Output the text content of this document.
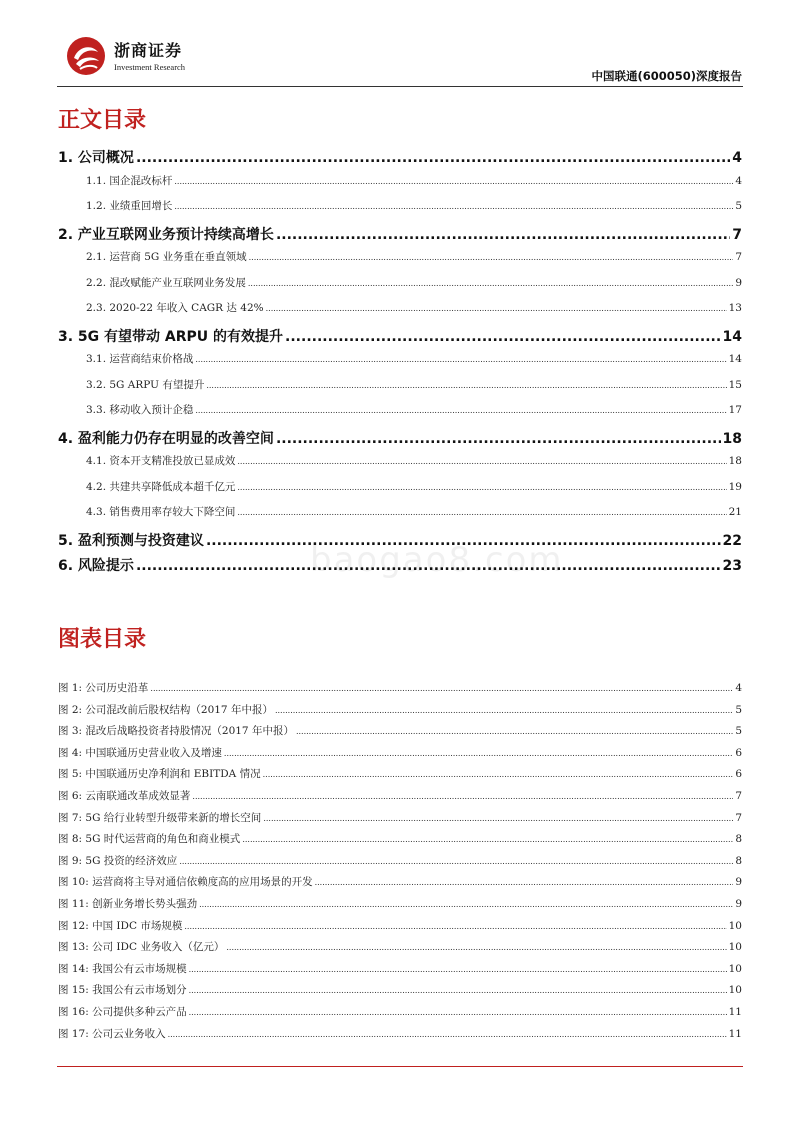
浙商证券
Investment Research
中国联通(600050)深度报告
正文目录
1. 公司概况 .....	4
1.1. 国企混改标杆 .....	4
1.2. 业绩重回增长 .....	5
2. 产业互联网业务预计持续高增长 .....	7
2.1. 运营商 5G 业务重在垂直领域 .....	7
2.2. 混改赋能产业互联网业务发展 .....	9
2.3. 2020-22 年收入 CAGR 达 42% .....	13
3. 5G 有望带动 ARPU 的有效提升 .....	14
3.1. 运营商结束价格战 .....	14
3.2. 5G ARPU 有望提升 .....	15
3.3. 移动收入预计企稳 .....	17
4. 盈利能力仍存在明显的改善空间 .....	18
4.1. 资本开支精准投放已显成效 .....	18
4.2. 共建共享降低成本超千亿元 .....	19
4.3. 销售费用率存较大下降空间 .....	21
5. 盈利预测与投资建议 .....	22
6. 风险提示 .....	23
baogao8.com
图表目录
图 1: 公司历史沿革 .....	4
图 2: 公司混改前后股权结构（2017 年中报） .....	5
图 3: 混改后战略投资者持股情况（2017 年中报） .....	5
图 4: 中国联通历史营业收入及增速 .....	6
图 5: 中国联通历史净利润和 EBITDA 情况 .....	6
图 6: 云南联通改革成效显著 .....	7
图 7: 5G 给行业转型升级带来新的增长空间 .....	7
图 8: 5G 时代运营商的角色和商业模式 .....	8
图 9: 5G 投资的经济效应 .....	8
图 10: 运营商将主导对通信依赖度高的应用场景的开发 .....	9
图 11: 创新业务增长势头强劲 .....	9
图 12: 中国 IDC 市场规模 .....	10
图 13: 公司 IDC 业务收入（亿元） .....	10
图 14: 我国公有云市场规模 .....	10
图 15: 我国公有云市场划分 .....	10
图 16: 公司提供多种云产品 .....	11
图 17: 公司云业务收入 .....	11
